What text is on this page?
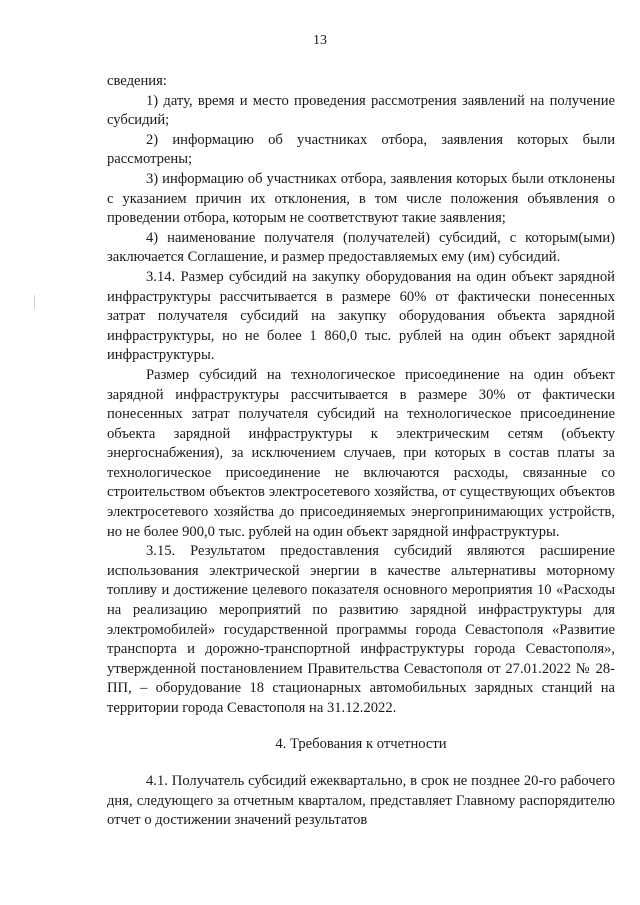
13

сведения:

1) дату, время и место проведения рассмотрения заявлений на получение субсидий;

2) информацию об участниках отбора, заявления которых были рассмотрены;

3) информацию об участниках отбора, заявления которых были отклонены с указанием причин их отклонения, в том числе положения объявления о проведении отбора, которым не соответствуют такие заявления;

4) наименование получателя (получателей) субсидий, с которым(ыми) заключается Соглашение, и размер предоставляемых ему (им) субсидий.

3.14. Размер субсидий на закупку оборудования на один объект зарядной инфраструктуры рассчитывается в размере 60% от фактически понесенных затрат получателя субсидий на закупку оборудования объекта зарядной инфраструктуры, но не более 1 860,0 тыс. рублей на один объект зарядной инфраструктуры.

Размер субсидий на технологическое присоединение на один объект зарядной инфраструктуры рассчитывается в размере 30% от фактически понесенных затрат получателя субсидий на технологическое присоединение объекта зарядной инфраструктуры к электрическим сетям (объекту энергоснабжения), за исключением случаев, при которых в состав платы за технологическое присоединение не включаются расходы, связанные со строительством объектов электросетевого хозяйства, от существующих объектов электросетевого хозяйства до присоединяемых энергопринимающих устройств, но не более 900,0 тыс. рублей на один объект зарядной инфраструктуры.

3.15. Результатом предоставления субсидий являются расширение использования электрической энергии в качестве альтернативы моторному топливу и достижение целевого показателя основного мероприятия 10 «Расходы на реализацию мероприятий по развитию зарядной инфраструктуры для электромобилей» государственной программы города Севастополя «Развитие транспорта и дорожно-транспортной инфраструктуры города Севастополя», утвержденной постановлением Правительства Севастополя от 27.01.2022 № 28-ПП, – оборудование 18 стационарных автомобильных зарядных станций на территории города Севастополя на 31.12.2022.

4. Требования к отчетности

4.1. Получатель субсидий ежеквартально, в срок не позднее 20-го рабочего дня, следующего за отчетным кварталом, представляет Главному распорядителю отчет о достижении значений результатов
